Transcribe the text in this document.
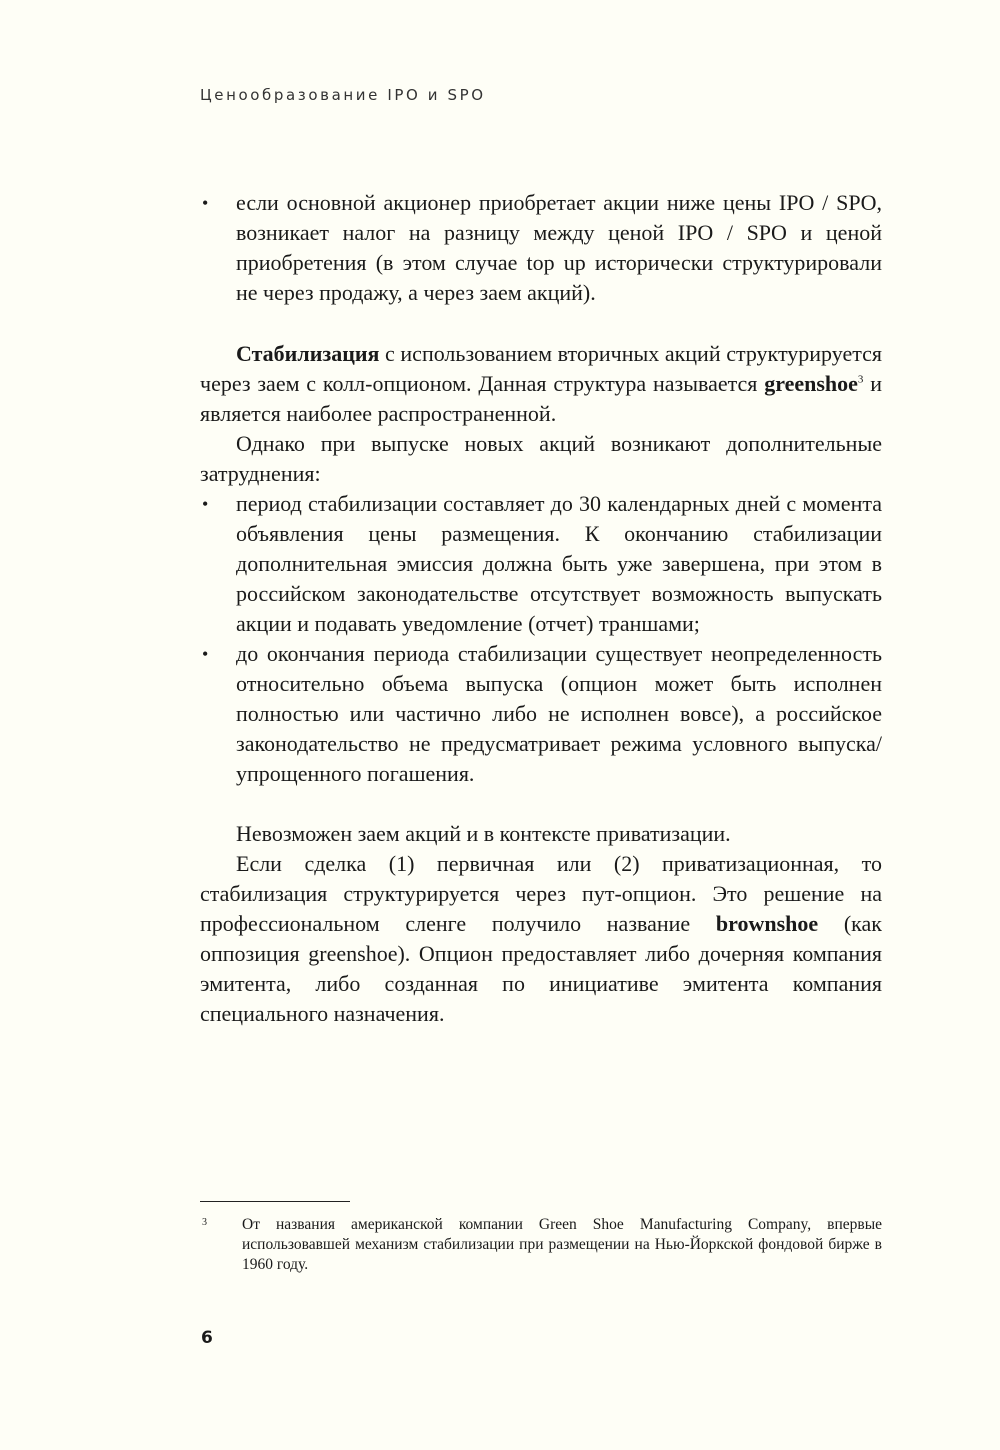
Ценообразование IPO и SPO
• если основной акционер приобретает акции ниже цены IPO / SPO, возникает налог на разницу между ценой IPO / SPO и ценой приобретения (в этом случае top up исторически структурировали не через продажу, а через заем акций).

Стабилизация с использованием вторичных акций структурируется через заем с колл-опционом. Данная структура называется greenshoe$^3$ и является наиболее распространенной.

Однако при выпуске новых акций возникают дополнительные затруднения:

• период стабилизации составляет до 30 календарных дней с момента объявления цены размещения. К окончанию стабилизации дополнительная эмиссия должна быть уже завершена, при этом в российском законодательстве отсутствует возможность выпускать акции и подавать уведомление (отчет) траншами;
• до окончания периода стабилизации существует неопределенность относительно объема выпуска (опцион может быть исполнен полностью или частично либо не исполнен вовсе), а российское законодательство не предусматривает режима условного выпуска/ упрощенного погашения.

Невозможен заем акций и в контексте приватизации.

Если сделка (1) первичная или (2) приватизационная, то стабилизация структурируется через пут-опцион. Это решение на профессиональном сленге получило название brownshoe (как оппозиция greenshoe). Опцион предоставляет либо дочерняя компания эмитента, либо созданная по инициативе эмитента компания специального назначения.

3 От названия американской компании Green Shoe Manufacturing Company, впервые использовавшей механизм стабилизации при размещении на Нью-Йоркской фондовой бирже в 1960 году.
6
